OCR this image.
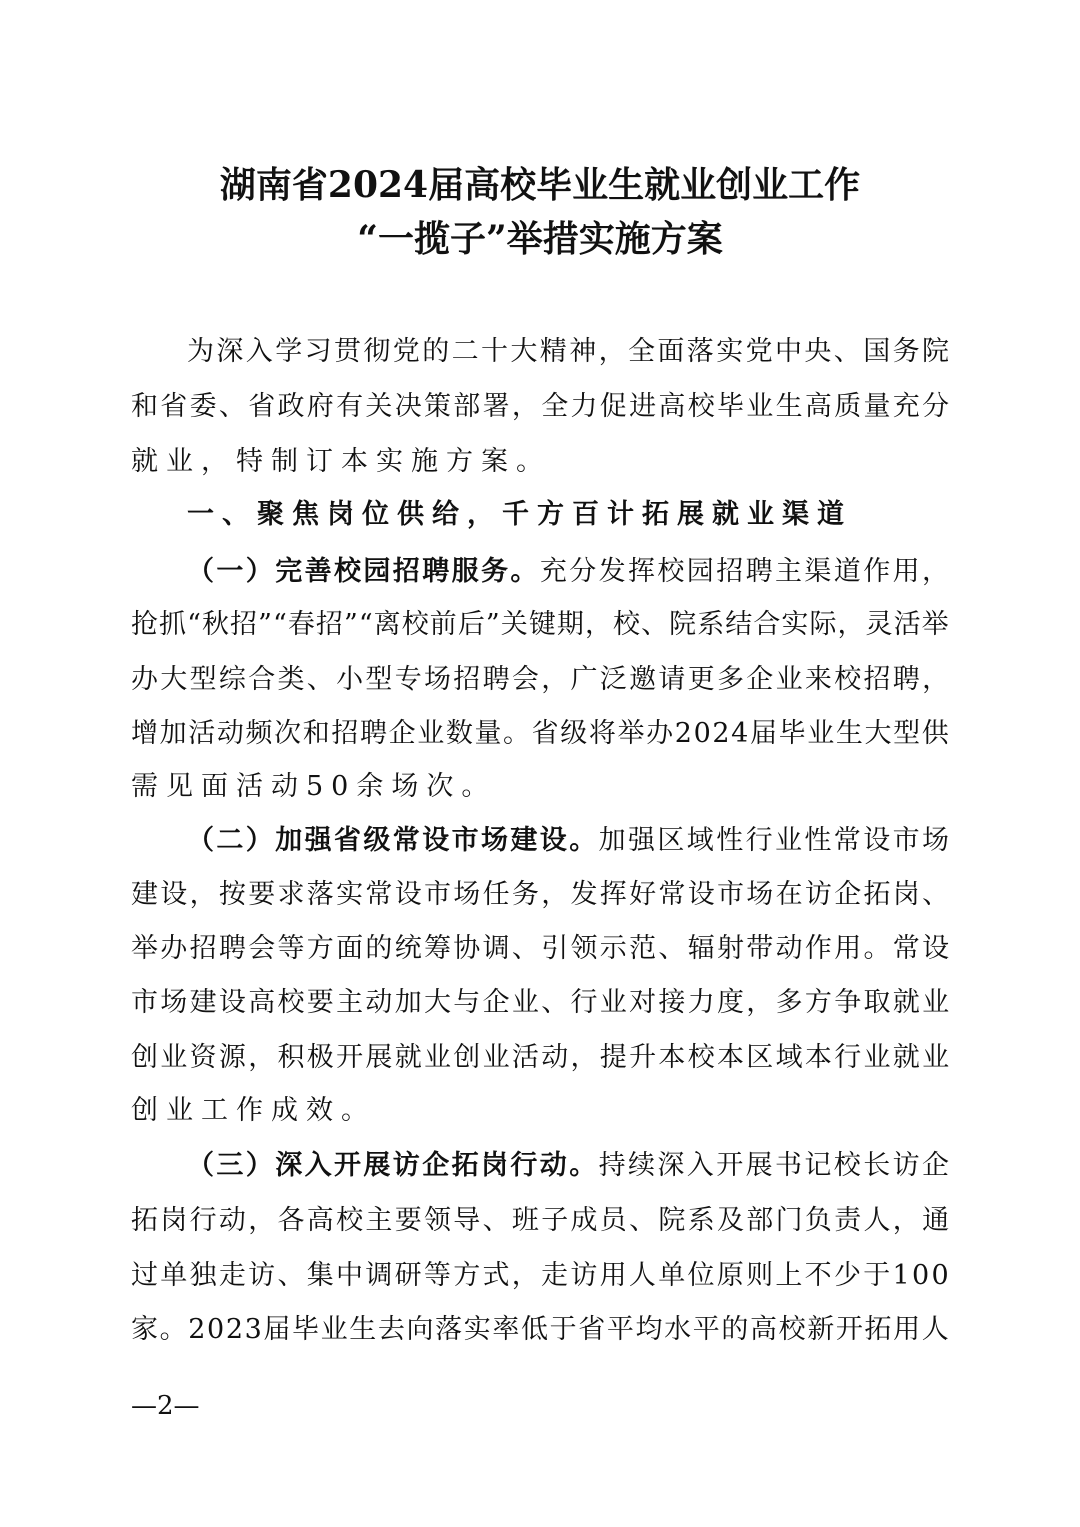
湖南省2024届高校毕业生就业创业工作
“一揽子”举措实施方案
为深入学习贯彻党的二十大精神，全面落实党中央、国务院
和省委、省政府有关决策部署，全力促进高校毕业生高质量充分
就业，特制订本实施方案。
一、聚焦岗位供给，千方百计拓展就业渠道
（一）完善校园招聘服务。充分发挥校园招聘主渠道作用，
抢抓“秋招”“春招”“离校前后”关键期，校、院系结合实际，灵活举
办大型综合类、小型专场招聘会，广泛邀请更多企业来校招聘，
增加活动频次和招聘企业数量。省级将举办2024届毕业生大型供
需见面活动50余场次。
（二）加强省级常设市场建设。加强区域性行业性常设市场
建设，按要求落实常设市场任务，发挥好常设市场在访企拓岗、
举办招聘会等方面的统筹协调、引领示范、辐射带动作用。常设
市场建设高校要主动加大与企业、行业对接力度，多方争取就业
创业资源，积极开展就业创业活动，提升本校本区域本行业就业
创业工作成效。
（三）深入开展访企拓岗行动。持续深入开展书记校长访企
拓岗行动，各高校主要领导、班子成员、院系及部门负责人，通
过单独走访、集中调研等方式，走访用人单位原则上不少于100
家。2023届毕业生去向落实率低于省平均水平的高校新开拓用人
—2—
